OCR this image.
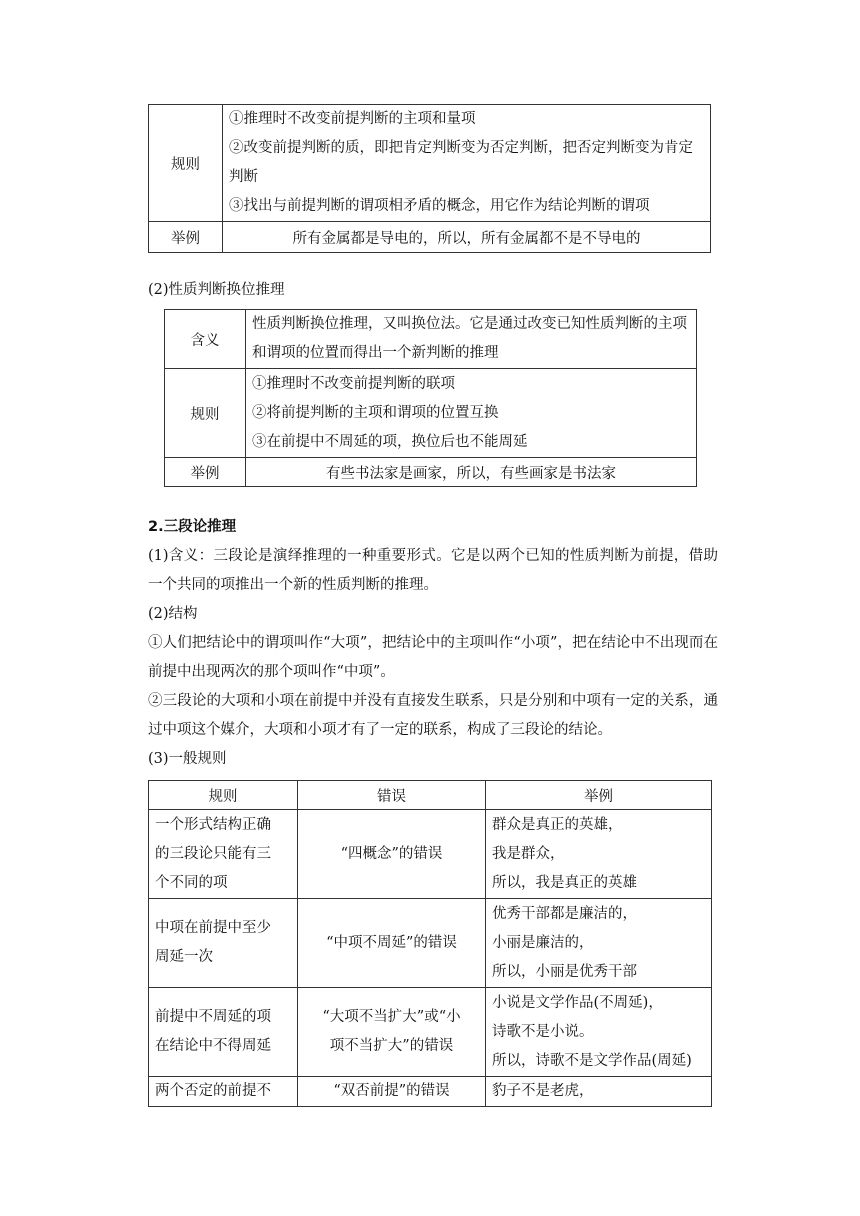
规则	①推理时不改变前提判断的主项和量项
②改变前提判断的质，即把肯定判断变为否定判断，把否定判断变为肯定判断
③找出与前提判断的谓项相矛盾的概念，用它作为结论判断的谓项

举例	所有金属都是导电的，所以，所有金属都不是不导电的
(2)性质判断换位推理
含义	性质判断换位推理，又叫换位法。它是通过改变已知性质判断的主项和谓项的位置而得出一个新判断的推理
规则	①推理时不改变前提判断的联项
②将前提判断的主项和谓项的位置互换
③在前提中不周延的项，换位后也不能周延

举例	有些书法家是画家，所以，有些画家是书法家
2.三段论推理
(1)含义：三段论是演绎推理的一种重要形式。它是以两个已知的性质判断为前提，借助一个共同的项推出一个新的性质判断的推理。
(2)结构
①人们把结论中的谓项叫作“大项”，把结论中的主项叫作“小项”，把在结论中不出现而在前提中出现两次的那个项叫作“中项”。
②三段论的大项和小项在前提中并没有直接发生联系，只是分别和中项有一定的关系，通过中项这个媒介，大项和小项才有了一定的联系，构成了三段论的结论。
(3)一般规则
规则	错误	举例

一个形式结构正确
的三段论只能有三
个不同的项	“四概念”的错误	群众是真正的英雄，
我是群众，
所以，我是真正的英雄

中项在前提中至少
周延一次	“中项不周延”的错误	优秀干部都是廉洁的，
小丽是廉洁的，
所以，小丽是优秀干部

前提中不周延的项
在结论中不得周延	“大项不当扩大”或“小
项不当扩大”的错误	小说是文学作品(不周延)，
诗歌不是小说。
所以，诗歌不是文学作品(周延)

两个否定的前提不	“双否前提”的错误	豹子不是老虎，
